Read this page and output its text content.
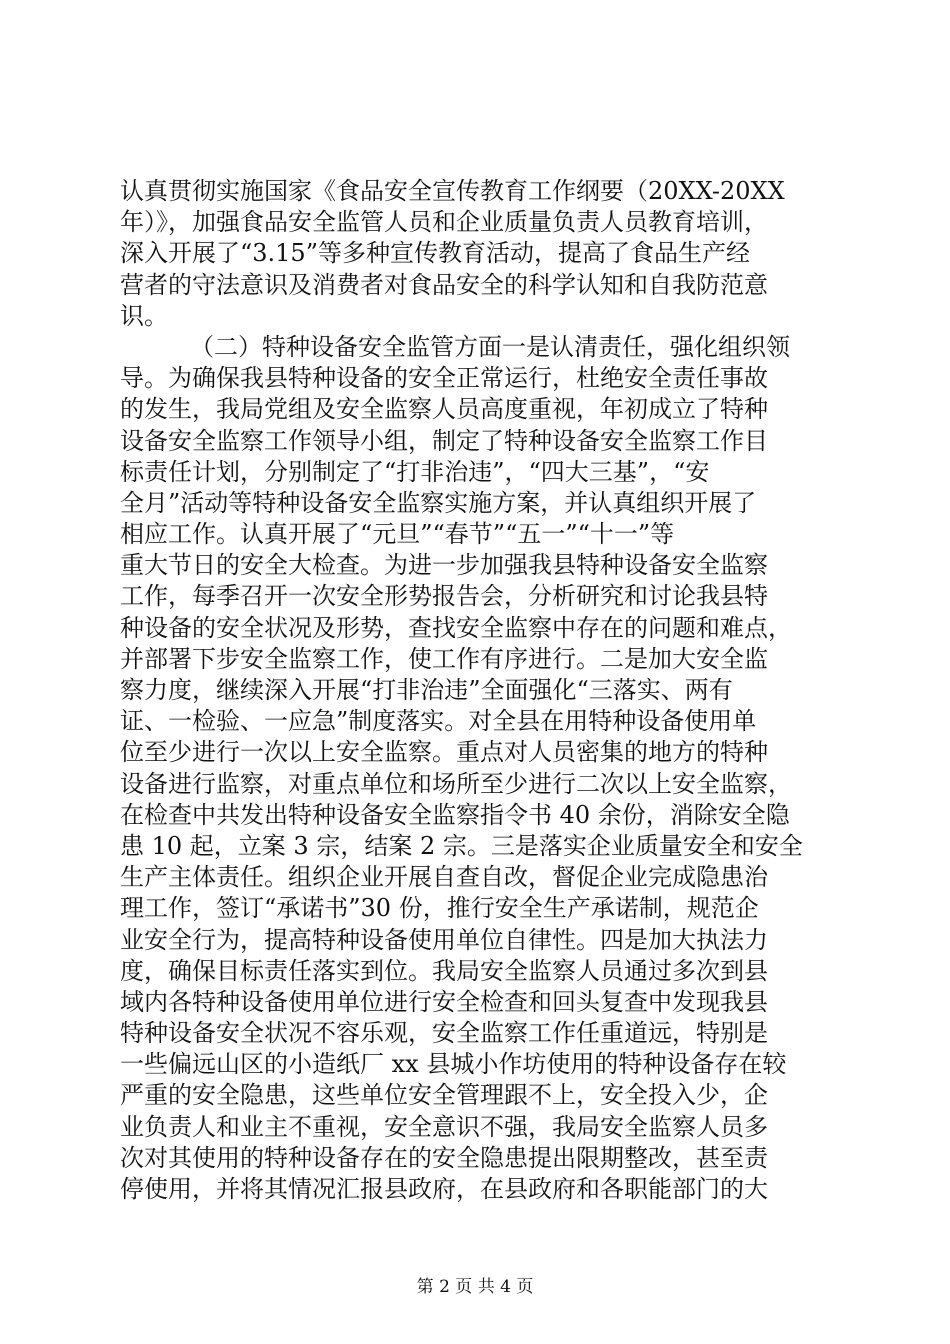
认真贯彻实施国家《食品安全宣传教育工作纲要（20XX-20XX
年）》，加强食品安全监管人员和企业质量负责人员教育培训，
深入开展了“3.15”等多种宣传教育活动，提高了食品生产经
营者的守法意识及消费者对食品安全的科学认知和自我防范意
识。
（二）特种设备安全监管方面一是认清责任，强化组织领
导。为确保我县特种设备的安全正常运行，杜绝安全责任事故
的发生，我局党组及安全监察人员高度重视，年初成立了特种
设备安全监察工作领导小组，制定了特种设备安全监察工作目
标责任计划，分别制定了“打非治违”，“四大三基”，“安
全月”活动等特种设备安全监察实施方案，并认真组织开展了
相应工作。认真开展了“元旦”“春节”“五一”“十一”等
重大节日的安全大检查。为进一步加强我县特种设备安全监察
工作，每季召开一次安全形势报告会，分析研究和讨论我县特
种设备的安全状况及形势，查找安全监察中存在的问题和难点，
并部署下步安全监察工作，使工作有序进行。二是加大安全监
察力度，继续深入开展“打非治违”全面强化“三落实、两有
证、一检验、一应急”制度落实。对全县在用特种设备使用单
位至少进行一次以上安全监察。重点对人员密集的地方的特种
设备进行监察，对重点单位和场所至少进行二次以上安全监察，
在检查中共发出特种设备安全监察指令书 40 余份，消除安全隐
患 10 起，立案 3 宗，结案 2 宗。三是落实企业质量安全和安全
生产主体责任。组织企业开展自查自改，督促企业完成隐患治
理工作，签订“承诺书”30 份，推行安全生产承诺制，规范企
业安全行为，提高特种设备使用单位自律性。四是加大执法力
度，确保目标责任落实到位。我局安全监察人员通过多次到县
域内各特种设备使用单位进行安全检查和回头复查中发现我县
特种设备安全状况不容乐观，安全监察工作任重道远，特别是
一些偏远山区的小造纸厂 xx 县城小作坊使用的特种设备存在较
严重的安全隐患，这些单位安全管理跟不上，安全投入少，企
业负责人和业主不重视，安全意识不强，我局安全监察人员多
次对其使用的特种设备存在的安全隐患提出限期整改，甚至责
停使用，并将其情况汇报县政府，在县政府和各职能部门的大
第 2 页 共 4 页
